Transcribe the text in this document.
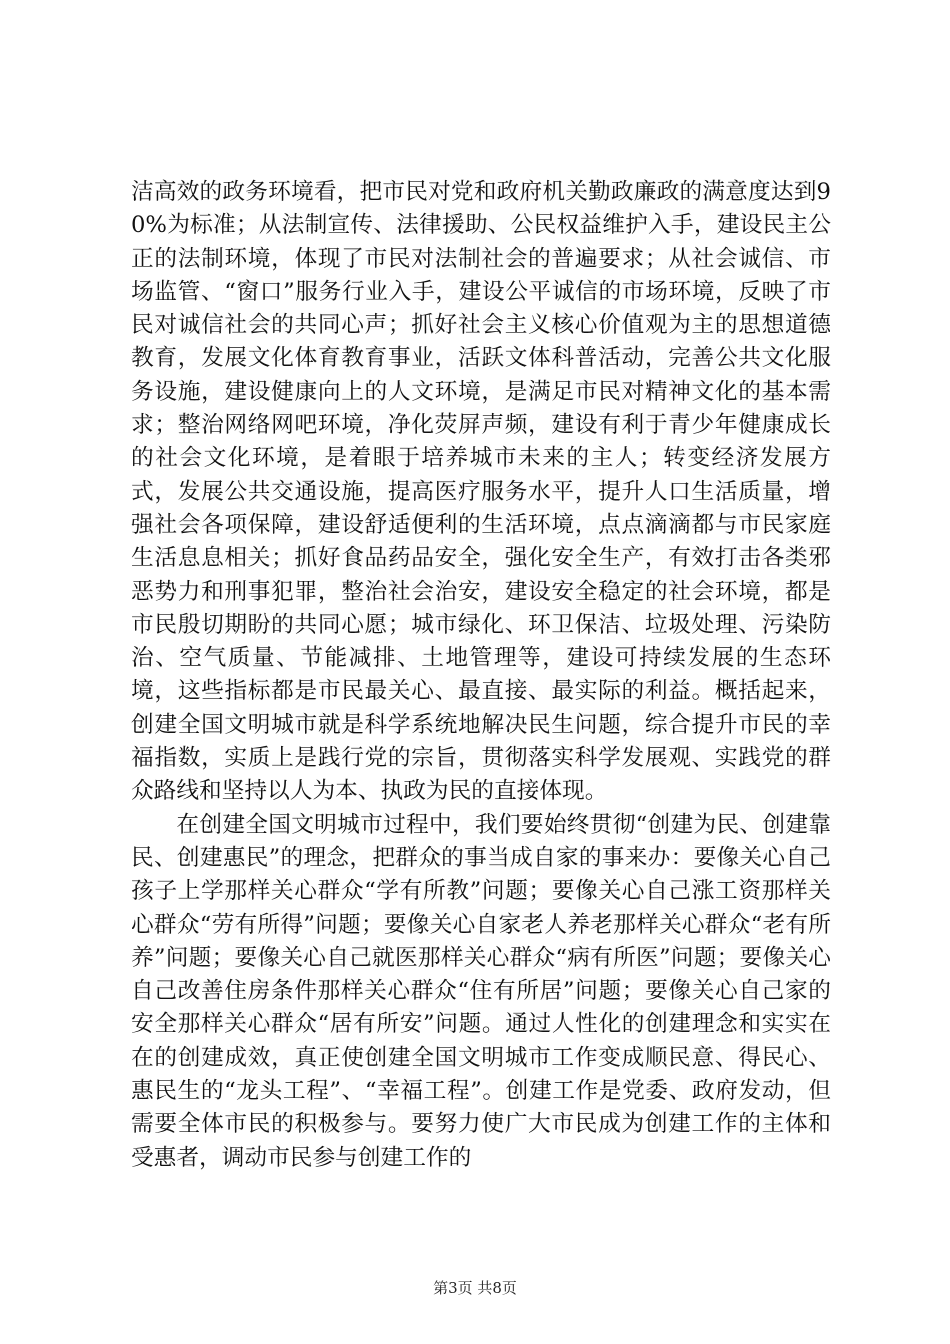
洁高效的政务环境看，把市民对党和政府机关勤政廉政的满意度达到90%为标准；从法制宣传、法律援助、公民权益维护入手，建设民主公正的法制环境，体现了市民对法制社会的普遍要求；从社会诚信、市场监管、“窗口”服务行业入手，建设公平诚信的市场环境，反映了市民对诚信社会的共同心声；抓好社会主义核心价值观为主的思想道德教育，发展文化体育教育事业，活跃文体科普活动，完善公共文化服务设施，建设健康向上的人文环境，是满足市民对精神文化的基本需求；整治网络网吧环境，净化荧屏声频，建设有利于青少年健康成长的社会文化环境，是着眼于培养城市未来的主人；转变经济发展方式，发展公共交通设施，提高医疗服务水平，提升人口生活质量，增强社会各项保障，建设舒适便利的生活环境，点点滴滴都与市民家庭生活息息相关；抓好食品药品安全，强化安全生产，有效打击各类邪恶势力和刑事犯罪，整治社会治安，建设安全稳定的社会环境，都是市民殷切期盼的共同心愿；城市绿化、环卫保洁、垃圾处理、污染防治、空气质量、节能减排、土地管理等，建设可持续发展的生态环境，这些指标都是市民最关心、最直接、最实际的利益。概括起来，创建全国文明城市就是科学系统地解决民生问题，综合提升市民的幸福指数，实质上是践行党的宗旨，贯彻落实科学发展观、实践党的群众路线和坚持以人为本、执政为民的直接体现。

在创建全国文明城市过程中，我们要始终贯彻“创建为民、创建靠民、创建惠民”的理念，把群众的事当成自家的事来办：要像关心自己孩子上学那样关心群众“学有所教”问题；要像关心自己涨工资那样关心群众“劳有所得”问题；要像关心自家老人养老那样关心群众“老有所养”问题；要像关心自己就医那样关心群众“病有所医”问题；要像关心自己改善住房条件那样关心群众“住有所居”问题；要像关心自己家的安全那样关心群众“居有所安”问题。通过人性化的创建理念和实实在在的创建成效，真正使创建全国文明城市工作变成顺民意、得民心、惠民生的“龙头工程”、“幸福工程”。创建工作是党委、政府发动，但需要全体市民的积极参与。要努力使广大市民成为创建工作的主体和受惠者，调动市民参与创建工作的

第3页 共8页
